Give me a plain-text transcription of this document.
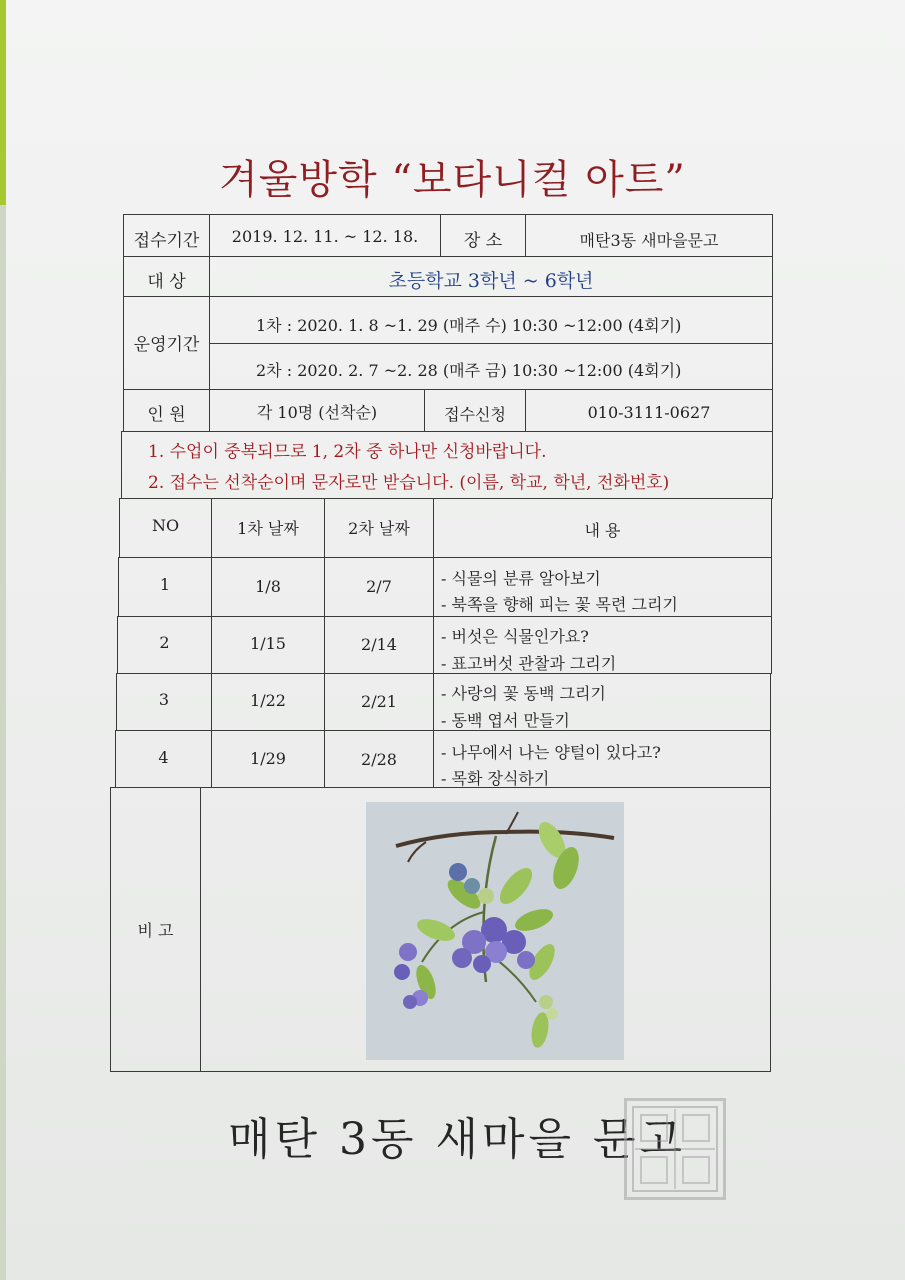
겨울방학 “보타니컬 아트”
접수기간	2019. 12. 11. ~ 12. 18.	장 소	매탄3동 새마을문고
대 상	초등학교 3학년 ~ 6학년
운영기간
1차 : 2020. 1. 8 ~1. 29 (매주 수) 10:30 ~12:00 (4회기)
2차 : 2020. 2. 7 ~2. 28 (매주 금) 10:30 ~12:00 (4회기)
인 원	각 10명 (선착순)	접수신청	010-3111-0627
1. 수업이 중복되므로 1, 2차 중 하나만 신청바랍니다.
2. 접수는 선착순이며 문자로만 받습니다. (이름, 학교, 학년, 전화번호)
NO	1차 날짜	2차 날짜	내 용
1	1/8	2/7	- 식물의 분류 알아보기
- 북쪽을 향해 피는 꽃 목련 그리기
2	1/15	2/14	- 버섯은 식물인가요?
- 표고버섯 관찰과 그리기
3	1/22	2/21	- 사랑의 꽃 동백 그리기
- 동백 엽서 만들기
4	1/29	2/28	- 나무에서 나는 양털이 있다고?
- 목화 장식하기
비 고
매탄 3동 새마을 문고
